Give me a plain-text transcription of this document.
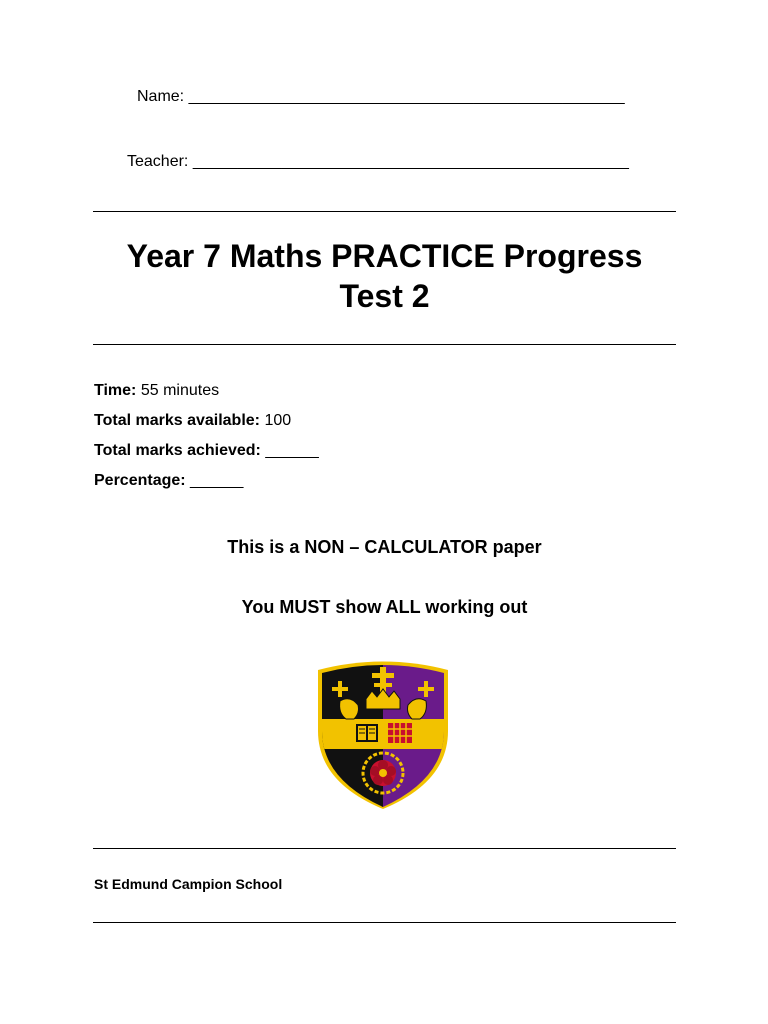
Name: _________________________________________________
Teacher: _________________________________________________
Year 7 Maths PRACTICE Progress
Test 2
Time: 55 minutes
Total marks available: 100
Total marks achieved: ______
Percentage: ______
This is a NON – CALCULATOR paper
You MUST show ALL working out
St Edmund Campion School
